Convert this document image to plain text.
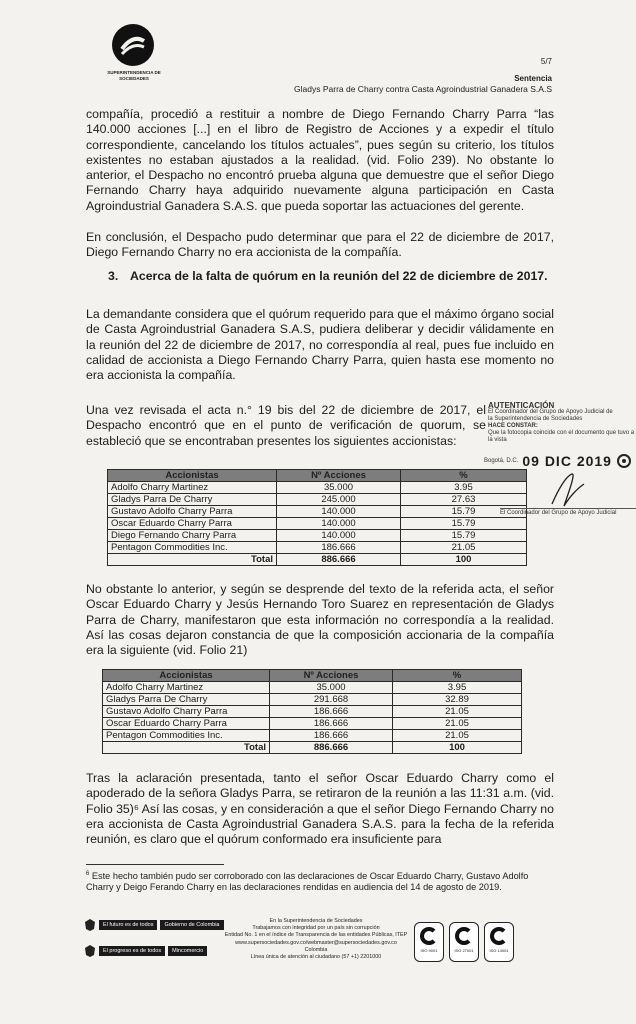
SUPERINTENDENCIA DE SOCIEDADES
5/7
Sentencia
Gladys Parra de Charry contra Casta Agroindustrial Ganadera S.A.S

compañía, procedió a restituir a nombre de Diego Fernando Charry Parra “las 140.000 acciones [...] en el libro de Registro de Acciones y a expedir el título correspondiente, cancelando los títulos actuales”, pues según su criterio, los títulos existentes no estaban ajustados a la realidad. (vid. Folio 239). No obstante lo anterior, el Despacho no encontró prueba alguna que demuestre que el señor Diego Fernando Charry haya adquirido nuevamente alguna participación en Casta Agroindustrial Ganadera S.A.S. que pueda soportar las actuaciones del gerente.

En conclusión, el Despacho pudo determinar que para el 22 de diciembre de 2017, Diego Fernando Charry no era accionista de la compañía.

3. Acerca de la falta de quórum en la reunión del 22 de diciembre de 2017.

La demandante considera que el quórum requerido para que el máximo órgano social de Casta Agroindustrial Ganadera S.A.S, pudiera deliberar y decidir válidamente en la reunión del 22 de diciembre de 2017, no correspondía al real, pues fue incluido en calidad de accionista a Diego Fernando Charry Parra, quien hasta ese momento no era accionista la compañía.

Una vez revisada el acta n.° 19 bis del 22 de diciembre de 2017, el Despacho encontró que en el punto de verificación de quorum, se estableció que se encontraban presentes los siguientes accionistas:

Accionistas	Nº Acciones	%
Adolfo Charry Martinez	35.000	3.95
Gladys Parra De Charry	245.000	27.63
Gustavo Adolfo Charry Parra	140.000	15.79
Oscar Eduardo Charry Parra	140.000	15.79
Diego Fernando Charry Parra	140.000	15.79
Pentagon Commodities Inc.	186.666	21.05
Total	886.666	100
AUTENTICACIÓN
El Coordinador del Grupo de Apoyo Judicial de
la Superintendencia de Sociedades
HACE CONSTAR:
Que la fotocopia coincide con el documento que tuvo a la vista
Bogotá, D.C. 09 DIC 2019
El Coordinador del Grupo de Apoyo Judicial

No obstante lo anterior, y según se desprende del texto de la referida acta, el señor Oscar Eduardo Charry y Jesús Hernando Toro Suarez en representación de Gladys Parra de Charry, manifestaron que esta información no correspondía a la realidad. Así las cosas dejaron constancia de que la composición accionaria de la compañía era la siguiente (vid. Folio 21)

Accionistas	Nº Acciones	%
Adolfo Charry Martinez	35.000	3.95
Gladys Parra De Charry	291.668	32.89
Gustavo Adolfo Charry Parra	186.666	21.05
Oscar Eduardo Charry Parra	186.666	21.05
Pentagon Commodities Inc.	186.666	21.05
Total	886.666	100

Tras la aclaración presentada, tanto el señor Oscar Eduardo Charry como el apoderado de la señora Gladys Parra, se retiraron de la reunión a las 11:31 a.m. (vid. Folio 35)⁶ Así las cosas, y en consideración a que el señor Diego Fernando Charry no era accionista de Casta Agroindustrial Ganadera S.A.S. para la fecha de la referida reunión, es claro que el quórum conformado era insuficiente para

$^6$ Este hecho también pudo ser corroborado con las declaraciones de Oscar Eduardo Charry, Gustavo Adolfo Charry y Deigo Ferando Charry en las declaraciones rendidas en audiencia del 14 de agosto de 2019.
El futuro es de todos	Gobierno de Colombia
El progreso es de todos	Mincomercio
En la Superintendencia de Sociedades
Trabajamos con integridad por un país sin corrupción
Entidad No. 1 en el índice de Transparencia de las entidades Públicas, ITEP
www.supersociedades.gov.co/webmaster@supersociedades.gov.co
Colombia
Línea única de atención al ciudadano (57 +1) 2201000
ISO 9001	ISO 27001	ISO 14001
